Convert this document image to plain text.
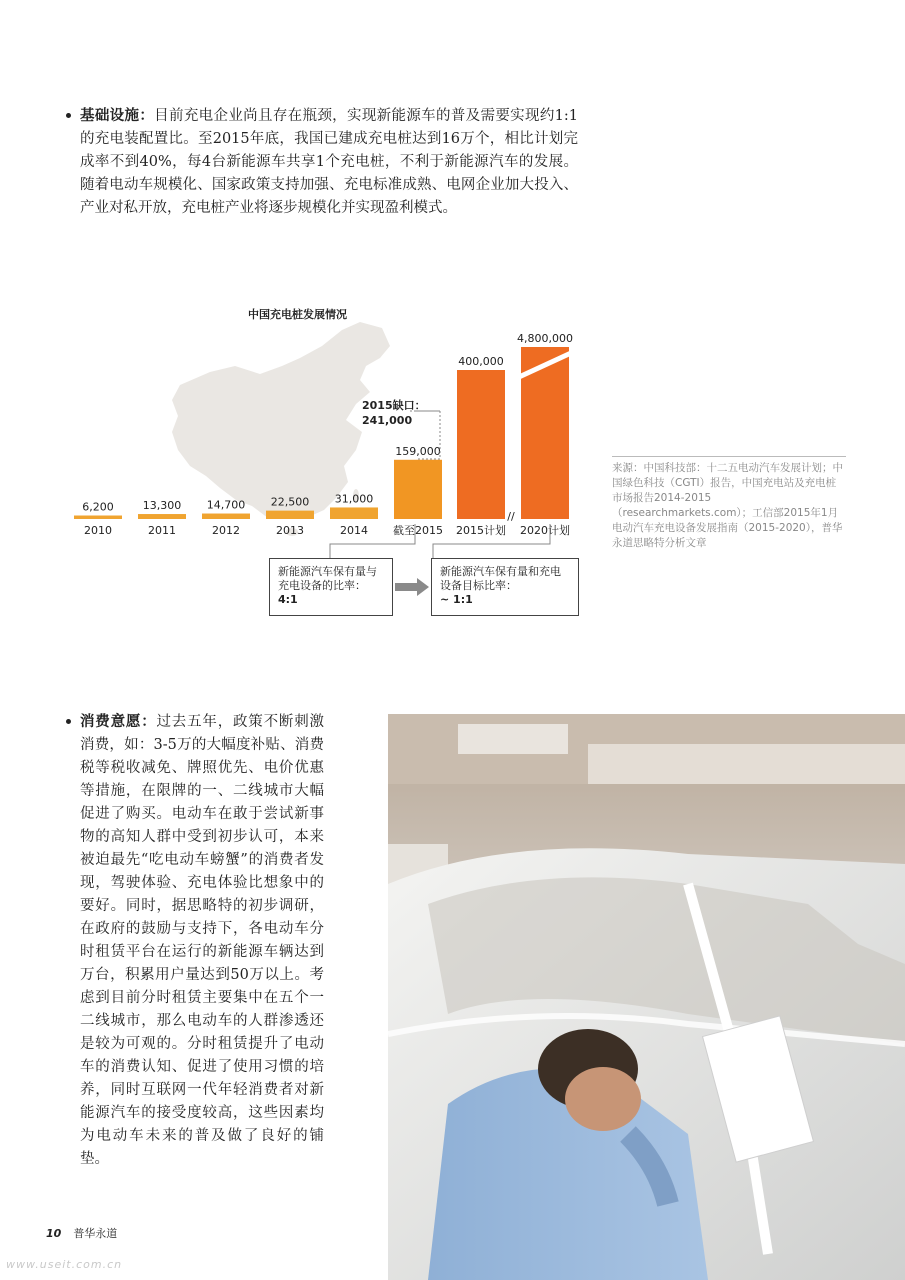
基础设施：目前充电企业尚且存在瓶颈，实现新能源车的普及需要实现约1:1的充电装配置比。至2015年底，我国已建成充电桩达到16万个，相比计划完成率不到40%，每4台新能源车共享1个充电桩，不利于新能源汽车的发展。随着电动车规模化、国家政策支持加强、充电标准成熟、电网企业加大投入、产业对私开放，充电桩产业将逐步规模化并实现盈利模式。

中国充电桩发展情况
6,200
2010
13,300
2011
14,700
2012
22,500
2013
31,000
2014
159,000
截至2015
400,000
2015计划
4,800,000
2020计划
//
2015缺口：
241,000
新能源汽车保有量与充电设备的比率：
4:1
新能源汽车保有量和充电设备目标比率：
~ 1:1
来源：中国科技部：十二五电动汽车发展计划；中国绿色科技（CGTI）报告，中国充电站及充电桩市场报告2014-2015（researchmarkets.com）；工信部2015年1月电动汽车充电设备发展指南（2015-2020），普华永道思略特分析文章

消费意愿：过去五年，政策不断刺激消费，如：3-5万的大幅度补贴、消费税等税收减免、牌照优先、电价优惠等措施，在限牌的一、二线城市大幅促进了购买。电动车在敢于尝试新事物的高知人群中受到初步认可，本来被迫最先“吃电动车螃蟹”的消费者发现，驾驶体验、充电体验比想象中的要好。同时，据思略特的初步调研，在政府的鼓励与支持下，各电动车分时租赁平台在运行的新能源车辆达到万台，积累用户量达到50万以上。考虑到目前分时租赁主要集中在五个一二线城市，那么电动车的人群渗透还是较为可观的。分时租赁提升了电动车的消费认知、促进了使用习惯的培养，同时互联网一代年轻消费者对新能源汽车的接受度较高，这些因素均为电动车未来的普及做了良好的铺垫。

10 普华永道
www.useit.com.cn
